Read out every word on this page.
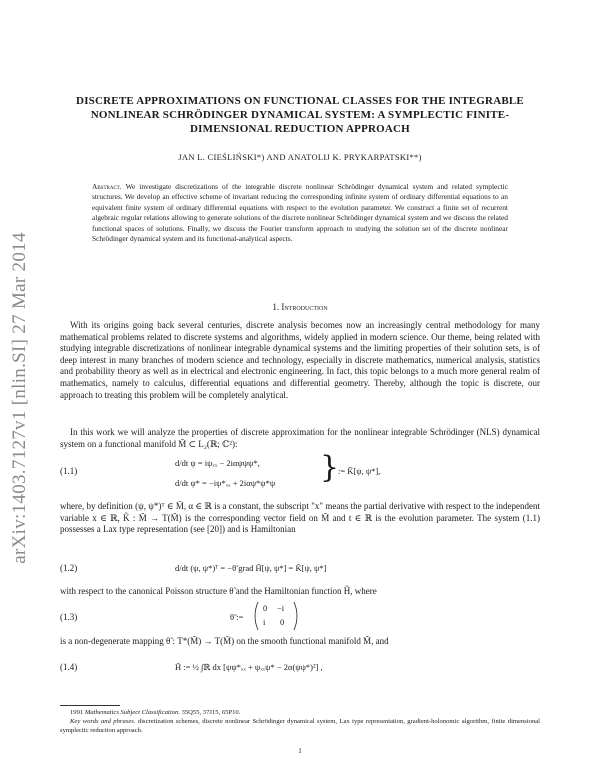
arXiv:1403.7127v1 [nlin.SI] 27 Mar 2014
DISCRETE APPROXIMATIONS ON FUNCTIONAL CLASSES FOR THE INTEGRABLE NONLINEAR SCHRÖDINGER DYNAMICAL SYSTEM: A SYMPLECTIC FINITE-DIMENSIONAL REDUCTION APPROACH
JAN L. CIEŚLIŃSKI*) AND ANATOLIJ K. PRYKARPATSKI**)
Abstract. We investigate discretizations of the integrable discrete nonlinear Schrödinger dynamical system and related symplectic structures. We develop an effective scheme of invariant reducing the corresponding infinite system of ordinary differential equations to an equivalent finite system of ordinary differential equations with respect to the evolution parameter. We construct a finite set of recurrent algebraic regular relations allowing to generate solutions of the discrete nonlinear Schrödinger dynamical system and we discuss the related functional spaces of solutions. Finally, we discuss the Fourier transform approach to studying the solution set of the discrete nonlinear Schrödinger dynamical system and its functional-analytical aspects.
1. Introduction

With its origins going back several centuries, discrete analysis becomes now an increasingly central methodology for many mathematical problems related to discrete systems and algorithms, widely applied in modern science. Our theme, being related with studying integrable discretizations of nonlinear integrable dynamical systems and the limiting properties of their solution sets, is of deep interest in many branches of modern science and technology, especially in discrete mathematics, numerical analysis, statistics and probability theory as well as in electrical and electronic engineering. In fact, this topic belongs to a much more general realm of mathematics, namely to calculus, differential equations and differential geometry. Thereby, although the topic is discrete, our approach to treating this problem will be completely analytical.

In this work we will analyze the properties of discrete approximation for the nonlinear integrable Schrödinger (NLS) dynamical system on a functional manifold M̃ ⊂ L₂(ℝ; ℂ²):

(1.1)
d/dt ψ = iψₓₓ − 2iαψψψ*,
d/dt ψ* = −iψ*ₓₓ + 2iαψ*ψ*ψ }
:= K̃[ψ, ψ*],

where, by definition (ψ, ψ*)ᵀ ∈ M̃, α ∈ ℝ is a constant, the subscript "x" means the partial derivative with respect to the independent variable x ∈ ℝ, K̃ : M̃ → T(M̃) is the corresponding vector field on M̃ and t ∈ ℝ is the evolution parameter. The system (1.1) possesses a Lax type representation (see [20]) and is Hamiltonian

(1.2)	d/dt (ψ, ψ*)ᵀ = −θ̃ grad H̃[ψ, ψ*] = K̃[ψ, ψ*]

with respect to the canonical Poisson structure θ̃ and the Hamiltonian function H̃, where

(1.3)	θ̃ :=
0 −i
i 0

is a non-degenerate mapping θ̃ : T*(M̃) → T(M̃) on the smooth functional manifold M̃, and

(1.4)	H̃ := ½ ∫ℝ dx [ψψ*ₓₓ + ψₓₓψ* − 2α(ψψ*)²] ,
1991 Mathematics Subject Classification. 35Q55, 37J15, 65P10.
Key words and phrases. discretization schemes, discrete nonlinear Schrödinger dynamical system, Lax type representation, gradient-holonomic algorithm, finite dimensional symplectic reduction approach.
1
